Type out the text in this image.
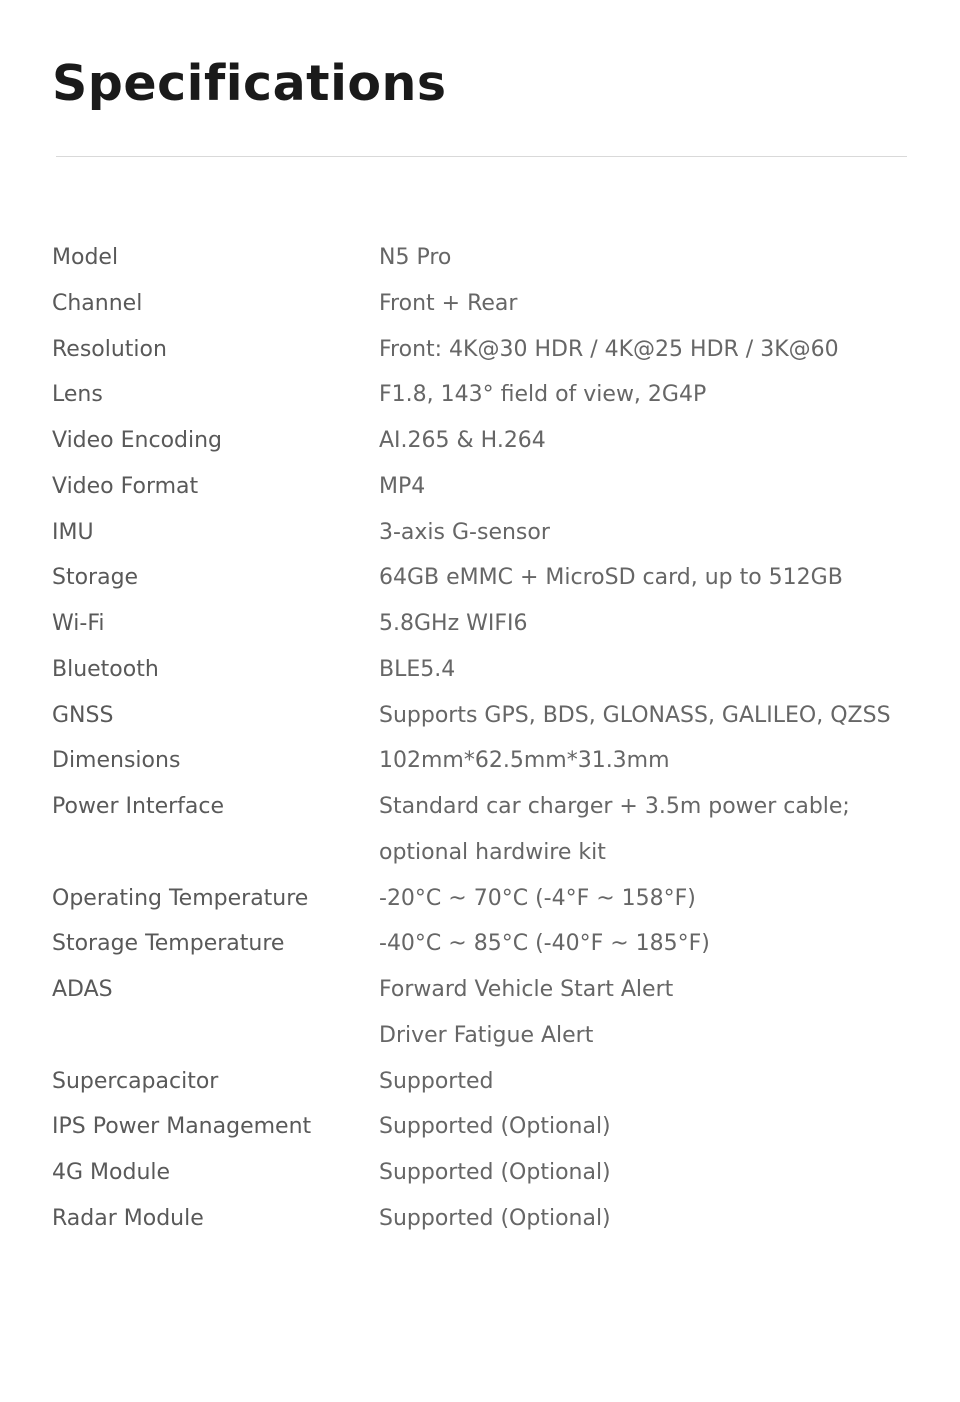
Specifications
Model	N5 Pro
Channel	Front + Rear
Resolution	Front: 4K@30 HDR / 4K@25 HDR / 3K@60
Lens	F1.8, 143° field of view, 2G4P
Video Encoding	AI.265 & H.264
Video Format	MP4
IMU	3-axis G-sensor
Storage	64GB eMMC + MicroSD card, up to 512GB
Wi-Fi	5.8GHz WIFI6
Bluetooth	BLE5.4
GNSS	Supports GPS, BDS, GLONASS, GALILEO, QZSS
Dimensions	102mm*62.5mm*31.3mm
Power Interface	Standard car charger + 3.5m power cable;
optional hardwire kit
Operating Temperature	-20°C ~ 70°C (-4°F ~ 158°F)
Storage Temperature	-40°C ~ 85°C (-40°F ~ 185°F)
ADAS	Forward Vehicle Start Alert
Driver Fatigue Alert
Supercapacitor	Supported
IPS Power Management	Supported (Optional)
4G Module	Supported (Optional)
Radar Module	Supported (Optional)
